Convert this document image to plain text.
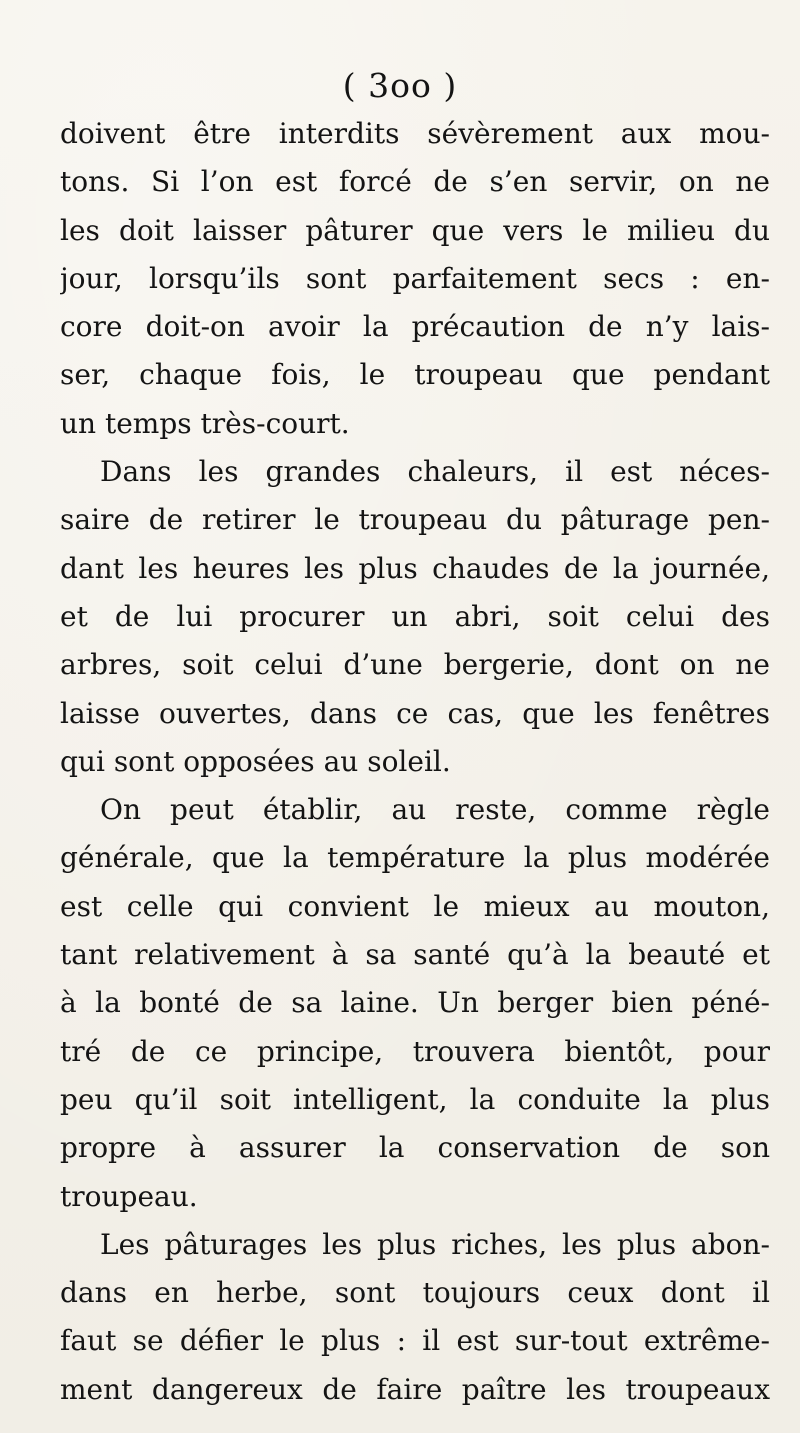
( 3oo )
doivent être interdits sévèrement aux mou-
tons. Si l’on est forcé de s’en servir, on ne
les doit laisser pâturer que vers le milieu du
jour, lorsqu’ils sont parfaitement secs : en-
core doit-on avoir la précaution de n’y lais-
ser, chaque fois, le troupeau que pendant
un temps très-court.
Dans les grandes chaleurs, il est néces-
saire de retirer le troupeau du pâturage pen-
dant les heures les plus chaudes de la journée,
et de lui procurer un abri, soit celui des
arbres, soit celui d’une bergerie, dont on ne
laisse ouvertes, dans ce cas, que les fenêtres
qui sont opposées au soleil.
On peut établir, au reste, comme règle
générale, que la température la plus modérée
est celle qui convient le mieux au mouton,
tant relativement à sa santé qu’à la beauté et
à la bonté de sa laine. Un berger bien péné-
tré de ce principe, trouvera bientôt, pour
peu qu’il soit intelligent, la conduite la plus
propre à assurer la conservation de son
troupeau.
Les pâturages les plus riches, les plus abon-
dans en herbe, sont toujours ceux dont il
faut se défier le plus : il est sur-tout extrême-
ment dangereux de faire paître les troupeaux
